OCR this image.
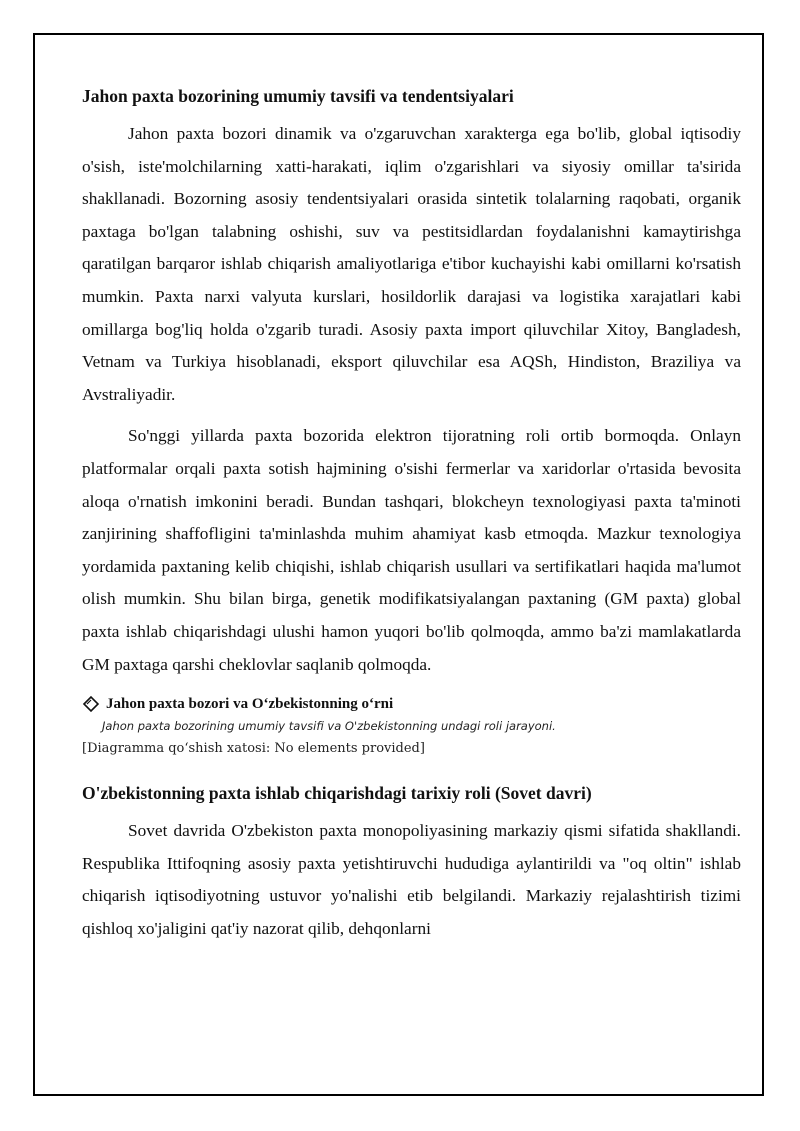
Jahon paxta bozorining umumiy tavsifi va tendentsiyalari

Jahon paxta bozori dinamik va o'zgaruvchan xarakterga ega bo'lib, global iqtisodiy o'sish, iste'molchilarning xatti-harakati, iqlim o'zgarishlari va siyosiy omillar ta'sirida shakllanadi. Bozorning asosiy tendentsiyalari orasida sintetik tolalarning raqobati, organik paxtaga bo'lgan talabning oshishi, suv va pestitsidlardan foydalanishni kamaytirishga qaratilgan barqaror ishlab chiqarish amaliyotlariga e'tibor kuchayishi kabi omillarni ko'rsatish mumkin. Paxta narxi valyuta kurslari, hosildorlik darajasi va logistika xarajatlari kabi omillarga bog'liq holda o'zgarib turadi. Asosiy paxta import qiluvchilar Xitoy, Bangladesh, Vetnam va Turkiya hisoblanadi, eksport qiluvchilar esa AQSh, Hindiston, Braziliya va Avstraliyadir.

So'nggi yillarda paxta bozorida elektron tijoratning roli ortib bormoqda. Onlayn platformalar orqali paxta sotish hajmining o'sishi fermerlar va xaridorlar o'rtasida bevosita aloqa o'rnatish imkonini beradi. Bundan tashqari, blokcheyn texnologiyasi paxta ta'minoti zanjirining shaffofligini ta'minlashda muhim ahamiyat kasb etmoqda. Mazkur texnologiya yordamida paxtaning kelib chiqishi, ishlab chiqarish usullari va sertifikatlari haqida ma'lumot olish mumkin. Shu bilan birga, genetik modifikatsiyalangan paxtaning (GM paxta) global paxta ishlab chiqarishdagi ulushi hamon yuqori bo'lib qolmoqda, ammo ba'zi mamlakatlarda GM paxtaga qarshi cheklovlar saqlanib qolmoqda.

Jahon paxta bozori va O‘zbekistonning o‘rni
Jahon paxta bozorining umumiy tavsifi va O'zbekistonning undagi roli jarayoni.
[Diagramma qo‘shish xatosi: No elements provided]
O'zbekistonning paxta ishlab chiqarishdagi tarixiy roli (Sovet davri)

Sovet davrida O'zbekiston paxta monopoliyasining markaziy qismi sifatida shakllandi. Respublika Ittifoqning asosiy paxta yetishtiruvchi hududiga aylantirildi va "oq oltin" ishlab chiqarish iqtisodiyotning ustuvor yo'nalishi etib belgilandi. Markaziy rejalashtirish tizimi qishloq xo'jaligini qat'iy nazorat qilib, dehqonlarni
